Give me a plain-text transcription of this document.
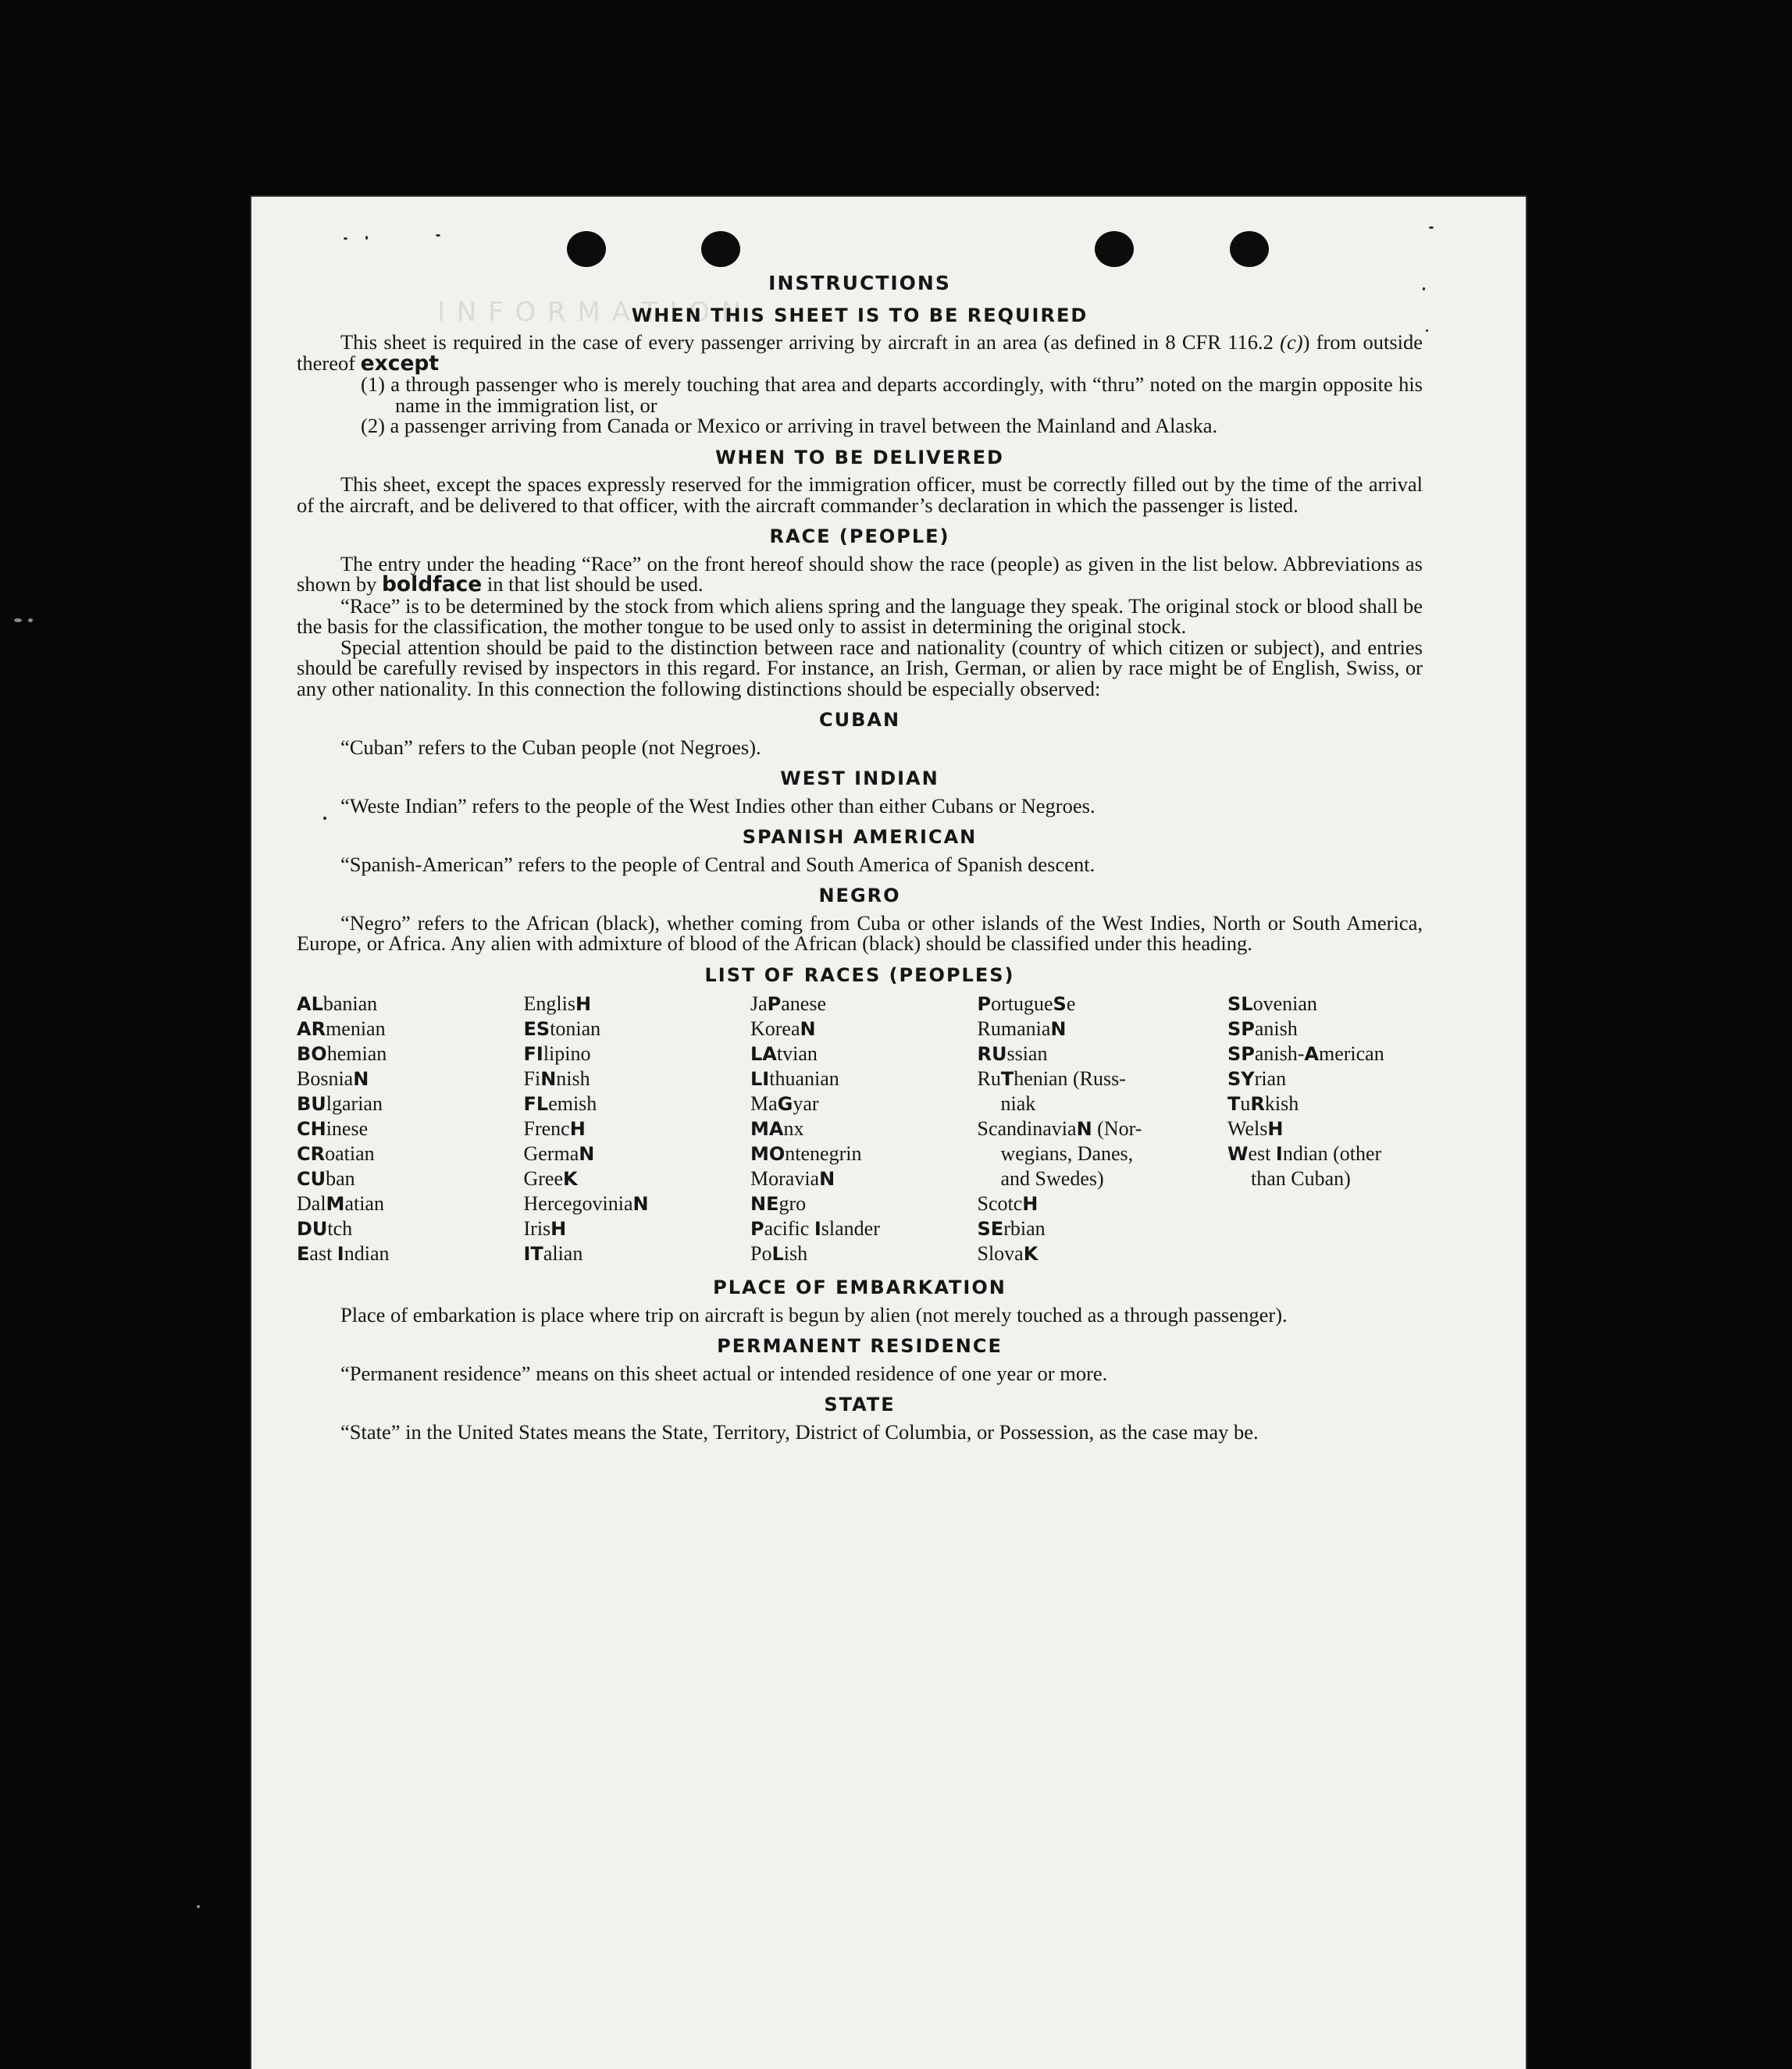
I N F O R M A T I O N
INSTRUCTIONS
WHEN THIS SHEET IS TO BE REQUIRED
This sheet is required in the case of every passenger arriving by aircraft in an area (as defined in 8 CFR 116.2 (c)) from outside thereof except
(1) a through passenger who is merely touching that area and departs accordingly, with “thru” noted on the margin opposite his name in the immigration list, or
(2) a passenger arriving from Canada or Mexico or arriving in travel between the Mainland and Alaska.
WHEN TO BE DELIVERED
This sheet, except the spaces expressly reserved for the immigration officer, must be correctly filled out by the time of the arrival of the aircraft, and be delivered to that officer, with the aircraft commander’s declaration in which the passenger is listed.
RACE (PEOPLE)
The entry under the heading “Race” on the front hereof should show the race (people) as given in the list below. Abbreviations as shown by boldface in that list should be used.
“Race” is to be determined by the stock from which aliens spring and the language they speak. The original stock or blood shall be the basis for the classification, the mother tongue to be used only to assist in determining the original stock.
Special attention should be paid to the distinction between race and nationality (country of which citizen or subject), and entries should be carefully revised by inspectors in this regard. For instance, an Irish, German, or alien by race might be of English, Swiss, or any other nationality. In this connection the following distinctions should be especially observed:
CUBAN
“Cuban” refers to the Cuban people (not Negroes).
WEST INDIAN
“Weste Indian” refers to the people of the West Indies other than either Cubans or Negroes.
SPANISH AMERICAN
“Spanish-American” refers to the people of Central and South America of Spanish descent.
NEGRO
“Negro” refers to the African (black), whether coming from Cuba or other islands of the West Indies, North or South America, Europe, or Africa. Any alien with admixture of blood of the African (black) should be classified under this heading.
LIST OF RACES (PEOPLES)
ALbanian
ARmenian
BOhemian
BosniaN
BUlgarian
CHinese
CRoatian
CUban
DalMatian
DUtch
East Indian
EnglisH
EStonian
FIlipino
FiNnish
FLemish
FrencH
GermaN
GreeK
HercegoviniaN
IrisH
ITalian
JaPanese
KoreaN
LAtvian
LIthuanian
MaGyar
MAnx
MOntenegrin
MoraviaN
NEgro
Pacific Islander
PoLish
PortugueSe
RumaniaN
RUssian
RuThenian (Russ-
niak
ScandinaviaN (Nor-
wegians, Danes,
and Swedes)
ScotcH
SErbian
SlovaK
SLovenian
SPanish
SPanish-American
SYrian
TuRkish
WelsH
West Indian (other
than Cuban)
PLACE OF EMBARKATION
Place of embarkation is place where trip on aircraft is begun by alien (not merely touched as a through passenger).
PERMANENT RESIDENCE
“Permanent residence” means on this sheet actual or intended residence of one year or more.
STATE
“State” in the United States means the State, Territory, District of Columbia, or Possession, as the case may be.
